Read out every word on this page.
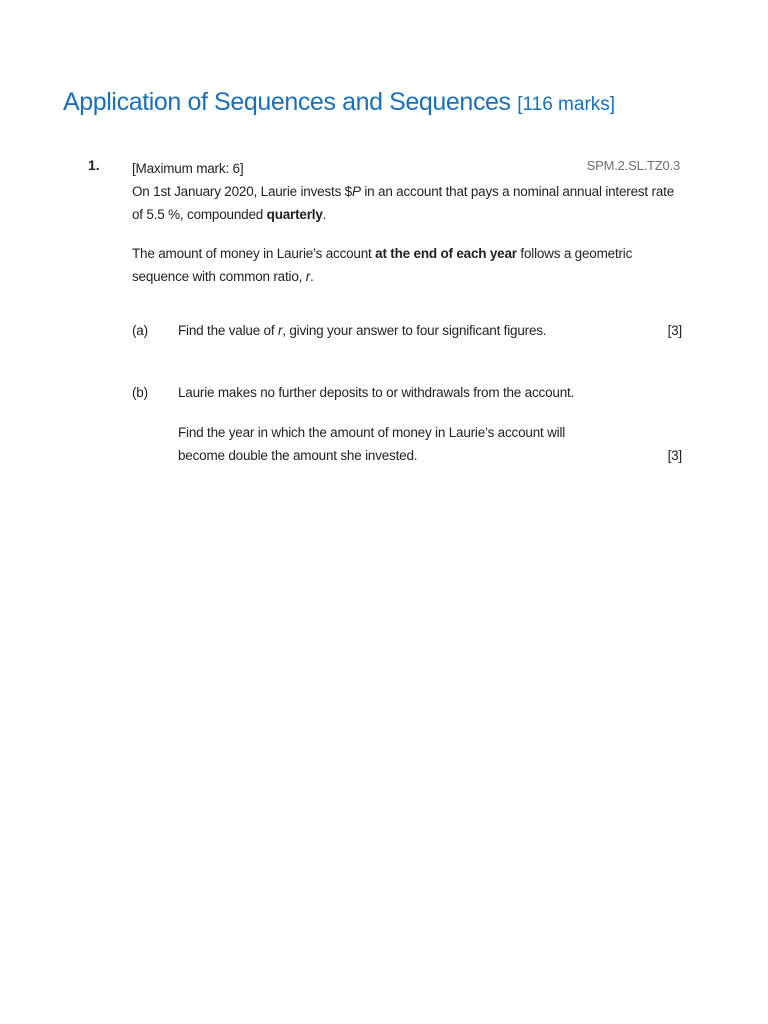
Application of Sequences and Sequences [116 marks]
1.	SPM.2.SL.TZ0.3

[Maximum mark: 6]

On 1st January 2020, Laurie invests $P in an account that pays a nominal annual interest rate of 5.5 %, compounded quarterly.

The amount of money in Laurie’s account at the end of each year follows a geometric sequence with common ratio, r.

(a) Find the value of r, giving your answer to four significant figures.	[3]
(b) Laurie makes no further deposits to or withdrawals from the account.

Find the year in which the amount of money in Laurie’s account will become double the amount she invested.	[3]
